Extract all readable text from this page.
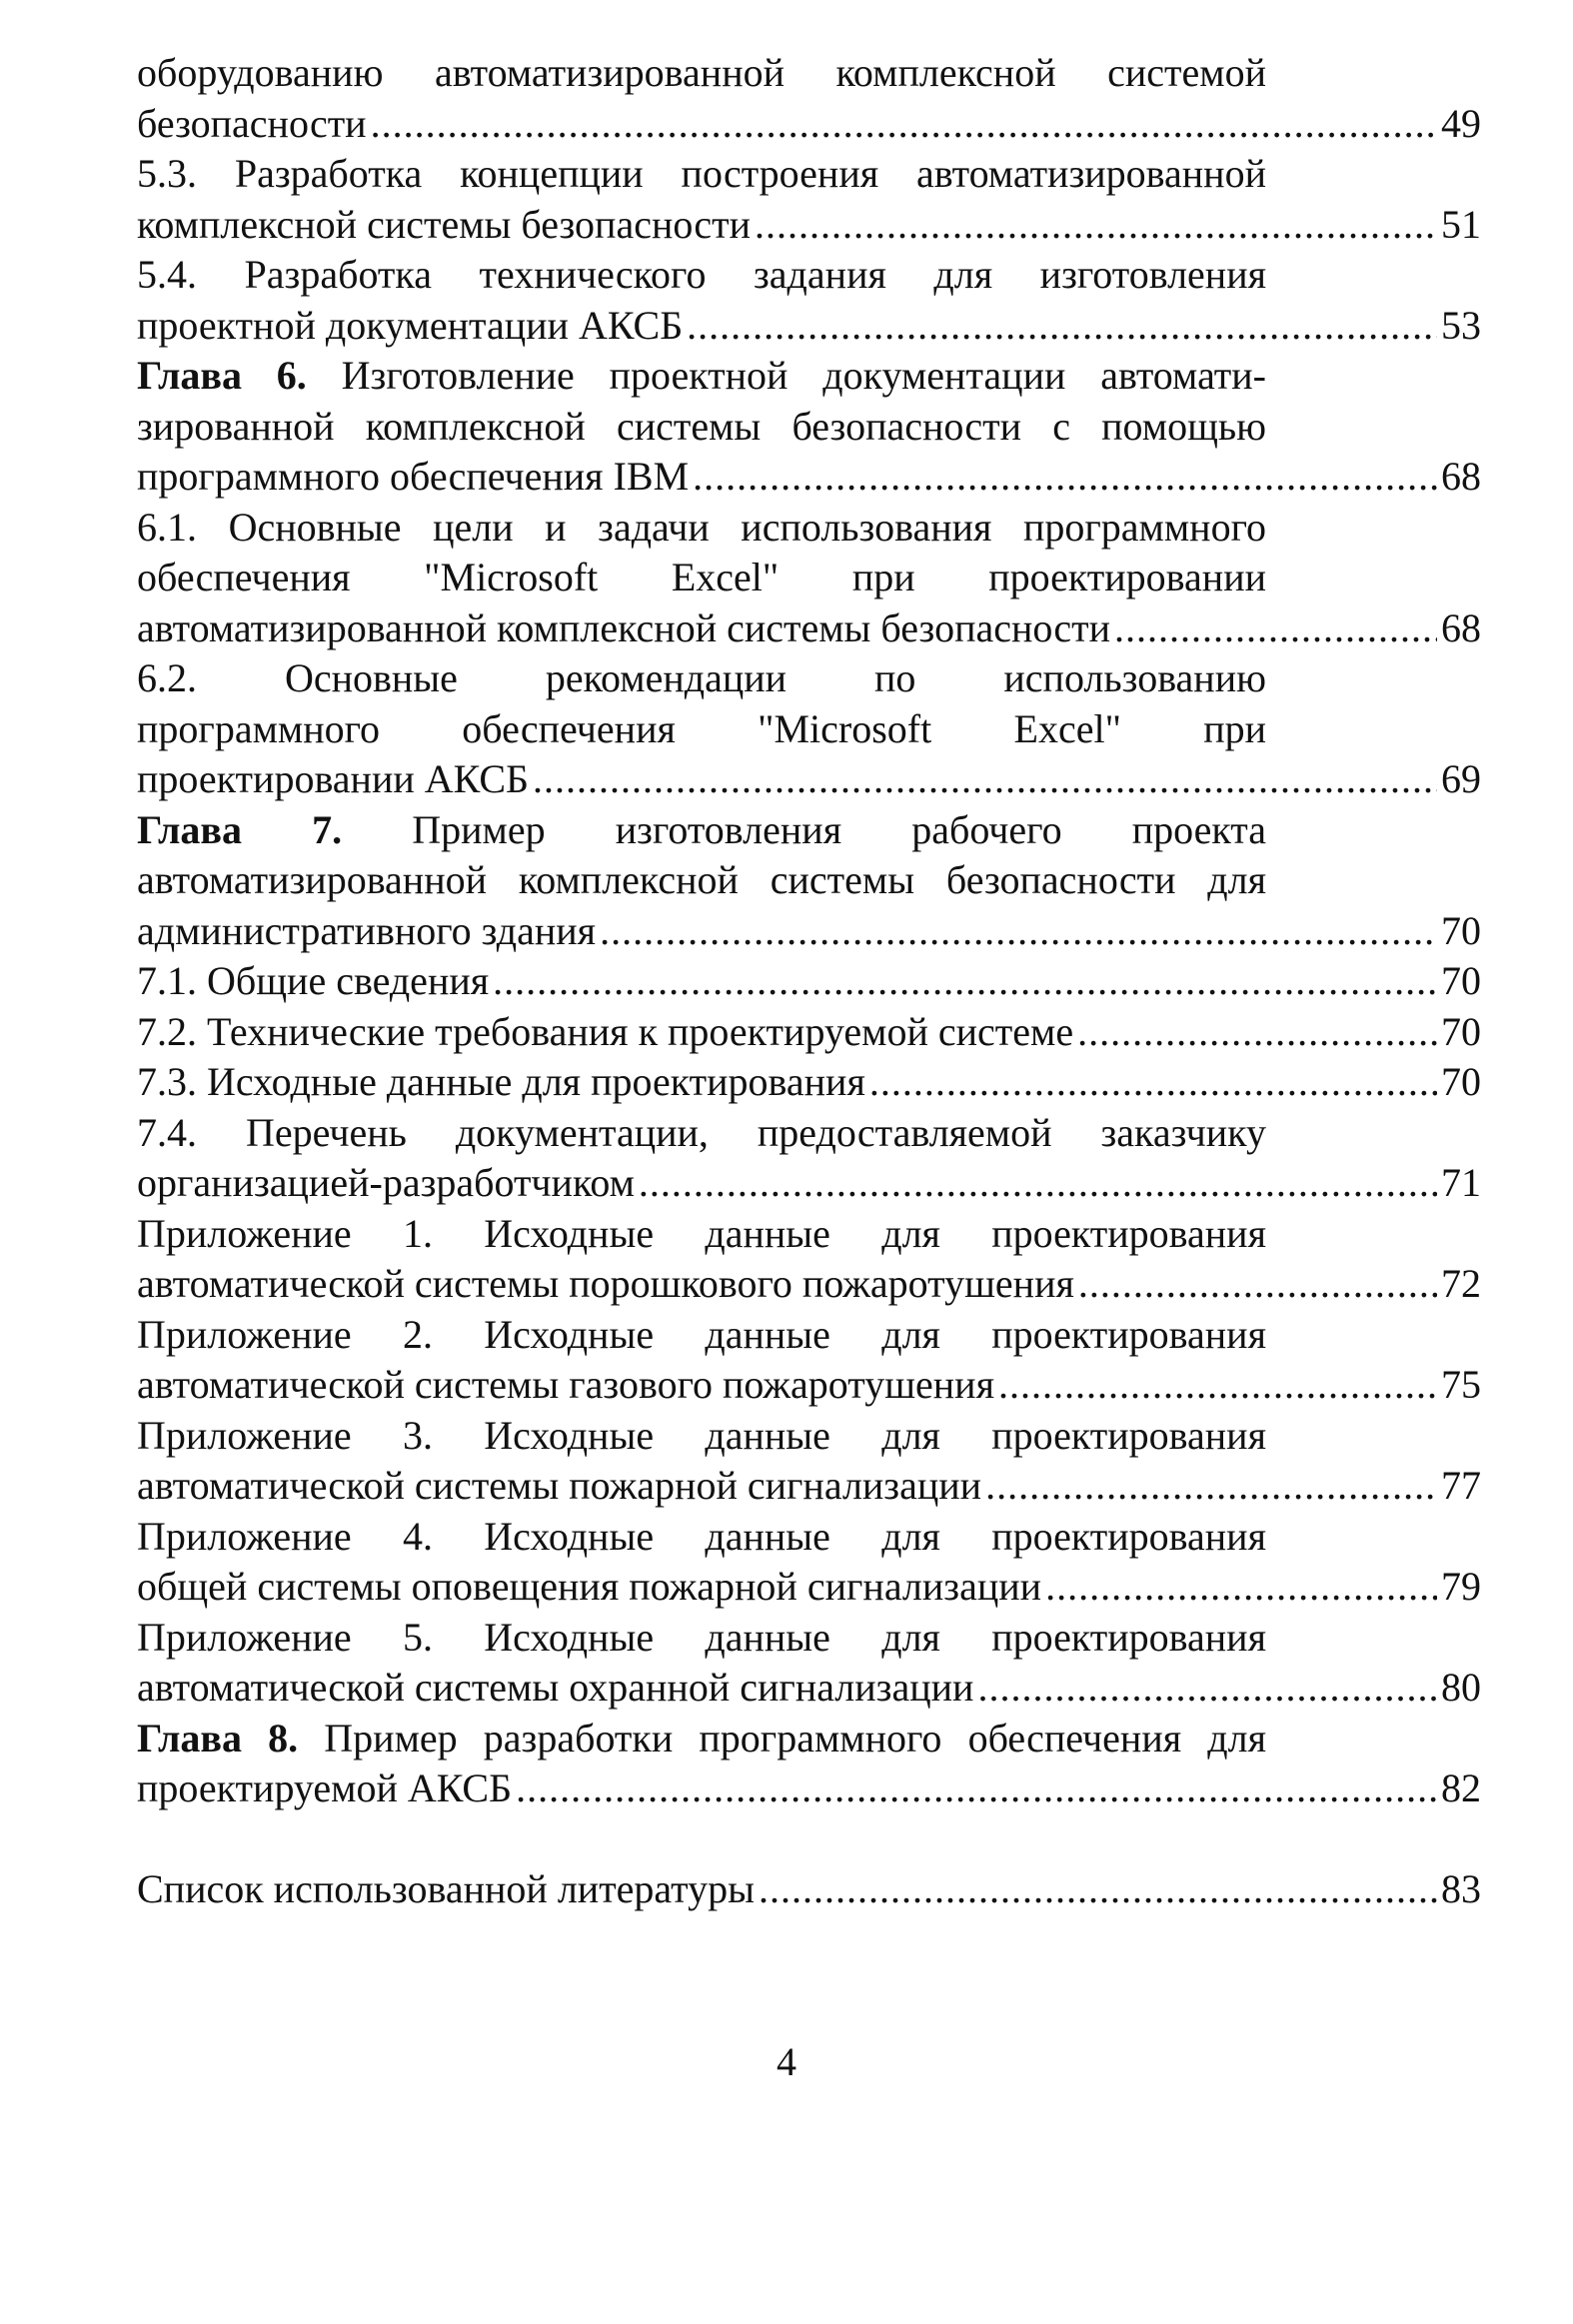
оборудованию автоматизированной комплексной системой
безопасности .....	49
5.3. Разработка концепции построения автоматизированной
комплексной системы безопасности .....	51
5.4. Разработка технического задания для изготовления
проектной документации АКСБ .....	53
Глава 6. Изготовление проектной документации автомати-
зированной комплексной системы безопасности с помощью
программного обеспечения IBM .....	68
6.1. Основные цели и задачи использования программного
обеспечения "Microsoft Excel" при проектировании
автоматизированной комплексной системы безопасности .....	68
6.2. Основные рекомендации по использованию
программного обеспечения "Microsoft Excel" при
проектировании АКСБ .....	69
Глава 7. Пример изготовления рабочего проекта
автоматизированной комплексной системы безопасности для
административного здания .....	70
7.1. Общие сведения .....	70
7.2. Технические требования к проектируемой системе .....	70
7.3. Исходные данные для проектирования .....	70
7.4. Перечень документации, предоставляемой заказчику
организацией-разработчиком .....	71
Приложение 1. Исходные данные для проектирования
автоматической системы порошкового пожаротушения .....	72
Приложение 2. Исходные данные для проектирования
автоматической системы газового пожаротушения .....	75
Приложение 3. Исходные данные для проектирования
автоматической системы пожарной сигнализации .....	77
Приложение 4. Исходные данные для проектирования
общей системы оповещения пожарной сигнализации .....	79
Приложение 5. Исходные данные для проектирования
автоматической системы охранной сигнализации .....	80
Глава 8. Пример разработки программного обеспечения для
проектируемой АКСБ .....	82
Список использованной литературы .....	83
4
